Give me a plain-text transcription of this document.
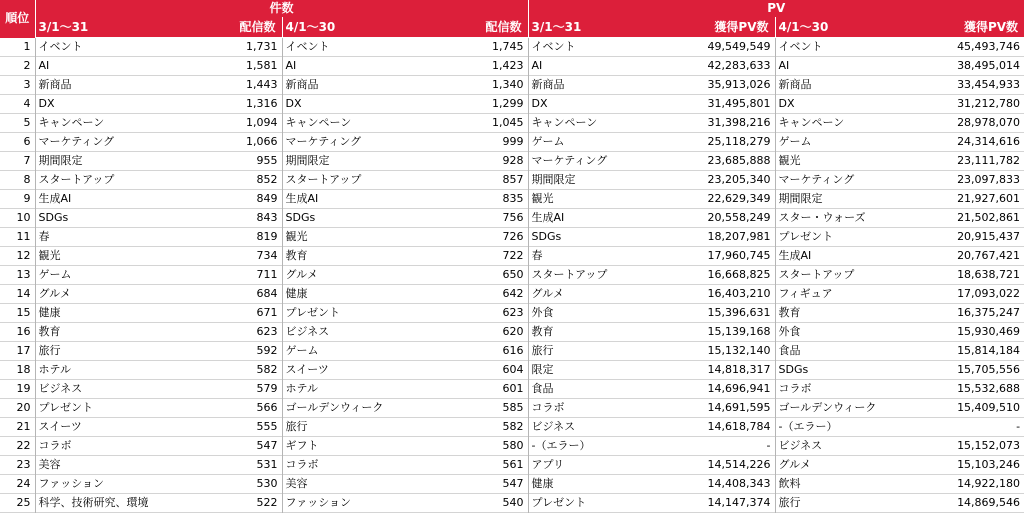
順位	件数				PV			
	3/1～31	配信数	4/1～30	配信数	3/1～31	獲得PV数	4/1～30	獲得PV数
1	イベント	1,731	イベント	1,745	イベント	49,549,549	イベント	45,493,746
2	AI	1,581	AI	1,423	AI	42,283,633	AI	38,495,014
3	新商品	1,443	新商品	1,340	新商品	35,913,026	新商品	33,454,933
4	DX	1,316	DX	1,299	DX	31,495,801	DX	31,212,780
5	キャンペーン	1,094	キャンペーン	1,045	キャンペーン	31,398,216	キャンペーン	28,978,070
6	マーケティング	1,066	マーケティング	999	ゲーム	25,118,279	ゲーム	24,314,616
7	期間限定	955	期間限定	928	マーケティング	23,685,888	観光	23,111,782
8	スタートアップ	852	スタートアップ	857	期間限定	23,205,340	マーケティング	23,097,833
9	生成AI	849	生成AI	835	観光	22,629,349	期間限定	21,927,601
10	SDGs	843	SDGs	756	生成AI	20,558,249	スター・ウォーズ	21,502,861
11	春	819	観光	726	SDGs	18,207,981	プレゼント	20,915,437
12	観光	734	教育	722	春	17,960,745	生成AI	20,767,421
13	ゲーム	711	グルメ	650	スタートアップ	16,668,825	スタートアップ	18,638,721
14	グルメ	684	健康	642	グルメ	16,403,210	フィギュア	17,093,022
15	健康	671	プレゼント	623	外食	15,396,631	教育	16,375,247
16	教育	623	ビジネス	620	教育	15,139,168	外食	15,930,469
17	旅行	592	ゲーム	616	旅行	15,132,140	食品	15,814,184
18	ホテル	582	スイーツ	604	限定	14,818,317	SDGs	15,705,556
19	ビジネス	579	ホテル	601	食品	14,696,941	コラボ	15,532,688
20	プレゼント	566	ゴールデンウィーク	585	コラボ	14,691,595	ゴールデンウィーク	15,409,510
21	スイーツ	555	旅行	582	ビジネス	14,618,784	-（エラー）	-
22	コラボ	547	ギフト	580	-（エラー）	-	ビジネス	15,152,073
23	美容	531	コラボ	561	アプリ	14,514,226	グルメ	15,103,246
24	ファッション	530	美容	547	健康	14,408,343	飲料	14,922,180
25	科学、技術研究、環境	522	ファッション	540	プレゼント	14,147,374	旅行	14,869,546
